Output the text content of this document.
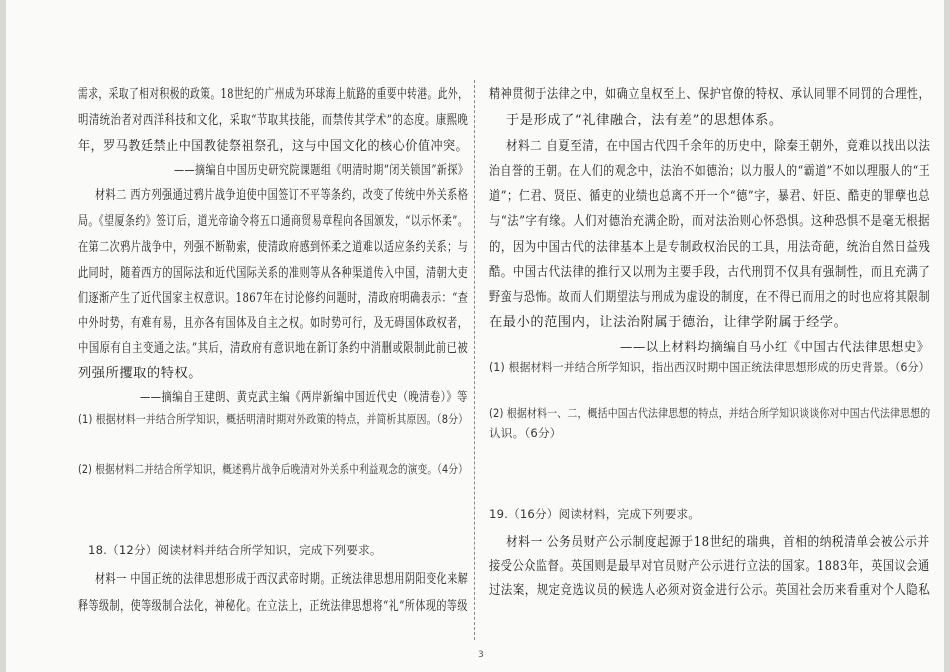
需求，采取了相对积极的政策。18世纪的广州成为环球海上航路的重要中转港。此外，
明清统治者对西洋科技和文化，采取“节取其技能，而禁传其学术”的态度。康熙晚
年，罗马教廷禁止中国教徒祭祖祭孔，这与中国文化的核心价值冲突。
——摘编自中国历史研究院课题组《明清时期“闭关锁国”新探》
材料二 西方列强通过鸦片战争迫使中国签订不平等条约，改变了传统中外关系格
局。《望厦条约》签订后，道光帝谕令将五口通商贸易章程向各国颁发，“以示怀柔”。
在第二次鸦片战争中，列强不断勒索，使清政府感到怀柔之道难以适应条约关系；与
此同时，随着西方的国际法和近代国际关系的准则等从各种渠道传入中国，清朝大吏
们逐渐产生了近代国家主权意识。1867年在讨论修约问题时，清政府明确表示：“查
中外时势，有难有易，且亦各有国体及自主之权。如时势可行，及无碍国体政权者，
中国原有自主变通之法。”其后，清政府有意识地在新订条约中消删或限制此前已被
列强所攫取的特权。
——摘编自王建朗、黄克武主编《两岸新编中国近代史（晚清卷）》等
(1) 根据材料一并结合所学知识，概括明清时期对外政策的特点，并简析其原因。（8分）
(2) 根据材料二并结合所学知识，概述鸦片战争后晚清对外关系中利益观念的演变。（4分）
18.（12分）阅读材料并结合所学知识，完成下列要求。
材料一 中国正统的法律思想形成于西汉武帝时期。正统法律思想用阴阳变化来解
释等级制，使等级制合法化，神秘化。在立法上，正统法律思想将“礼”所体现的等级
精神贯彻于法律之中，如确立皇权至上、保护官僚的特权、承认同罪不同罚的合理性，
于是形成了“礼律融合，法有差”的思想体系。
材料二 自夏至清，在中国古代四千余年的历史中，除秦王朝外，竟难以找出以法
治自誉的王朝。在人们的观念中，法治不如德治；以力服人的“霸道”不如以理服人的“王
道”；仁君、贤臣、循吏的业绩也总离不开一个“德”字，暴君、奸臣、酷吏的罪孽也总
与“法”字有缘。人们对德治充满企盼，而对法治则心怀恐惧。这种恐惧不是毫无根据
的，因为中国古代的法律基本上是专制政权治民的工具，用法奇葩，统治自然日益残
酷。中国古代法律的推行又以刑为主要手段，古代刑罚不仅具有强制性，而且充满了
野蛮与恐怖。故而人们期望法与刑成为虚设的制度，在不得已而用之的时也应将其限制
在最小的范围内，让法治附属于德治，让律学附属于经学。
——以上材料均摘编自马小红《中国古代法律思想史》
(1) 根据材料一并结合所学知识，指出西汉时期中国正统法律思想形成的历史背景。（6分）
(2) 根据材料一、二，概括中国古代法律思想的特点，并结合所学知识谈谈你对中国古代法律思想的
认识。（6分）
19.（16分）阅读材料，完成下列要求。
材料一 公务员财产公示制度起源于18世纪的瑞典，首相的纳税清单会被公示并
接受公众监督。英国则是最早对官员财产公示进行立法的国家。1883年，英国议会通
过法案，规定竞选议员的候选人必须对资金进行公示。英国社会历来看重对个人隐私
3
